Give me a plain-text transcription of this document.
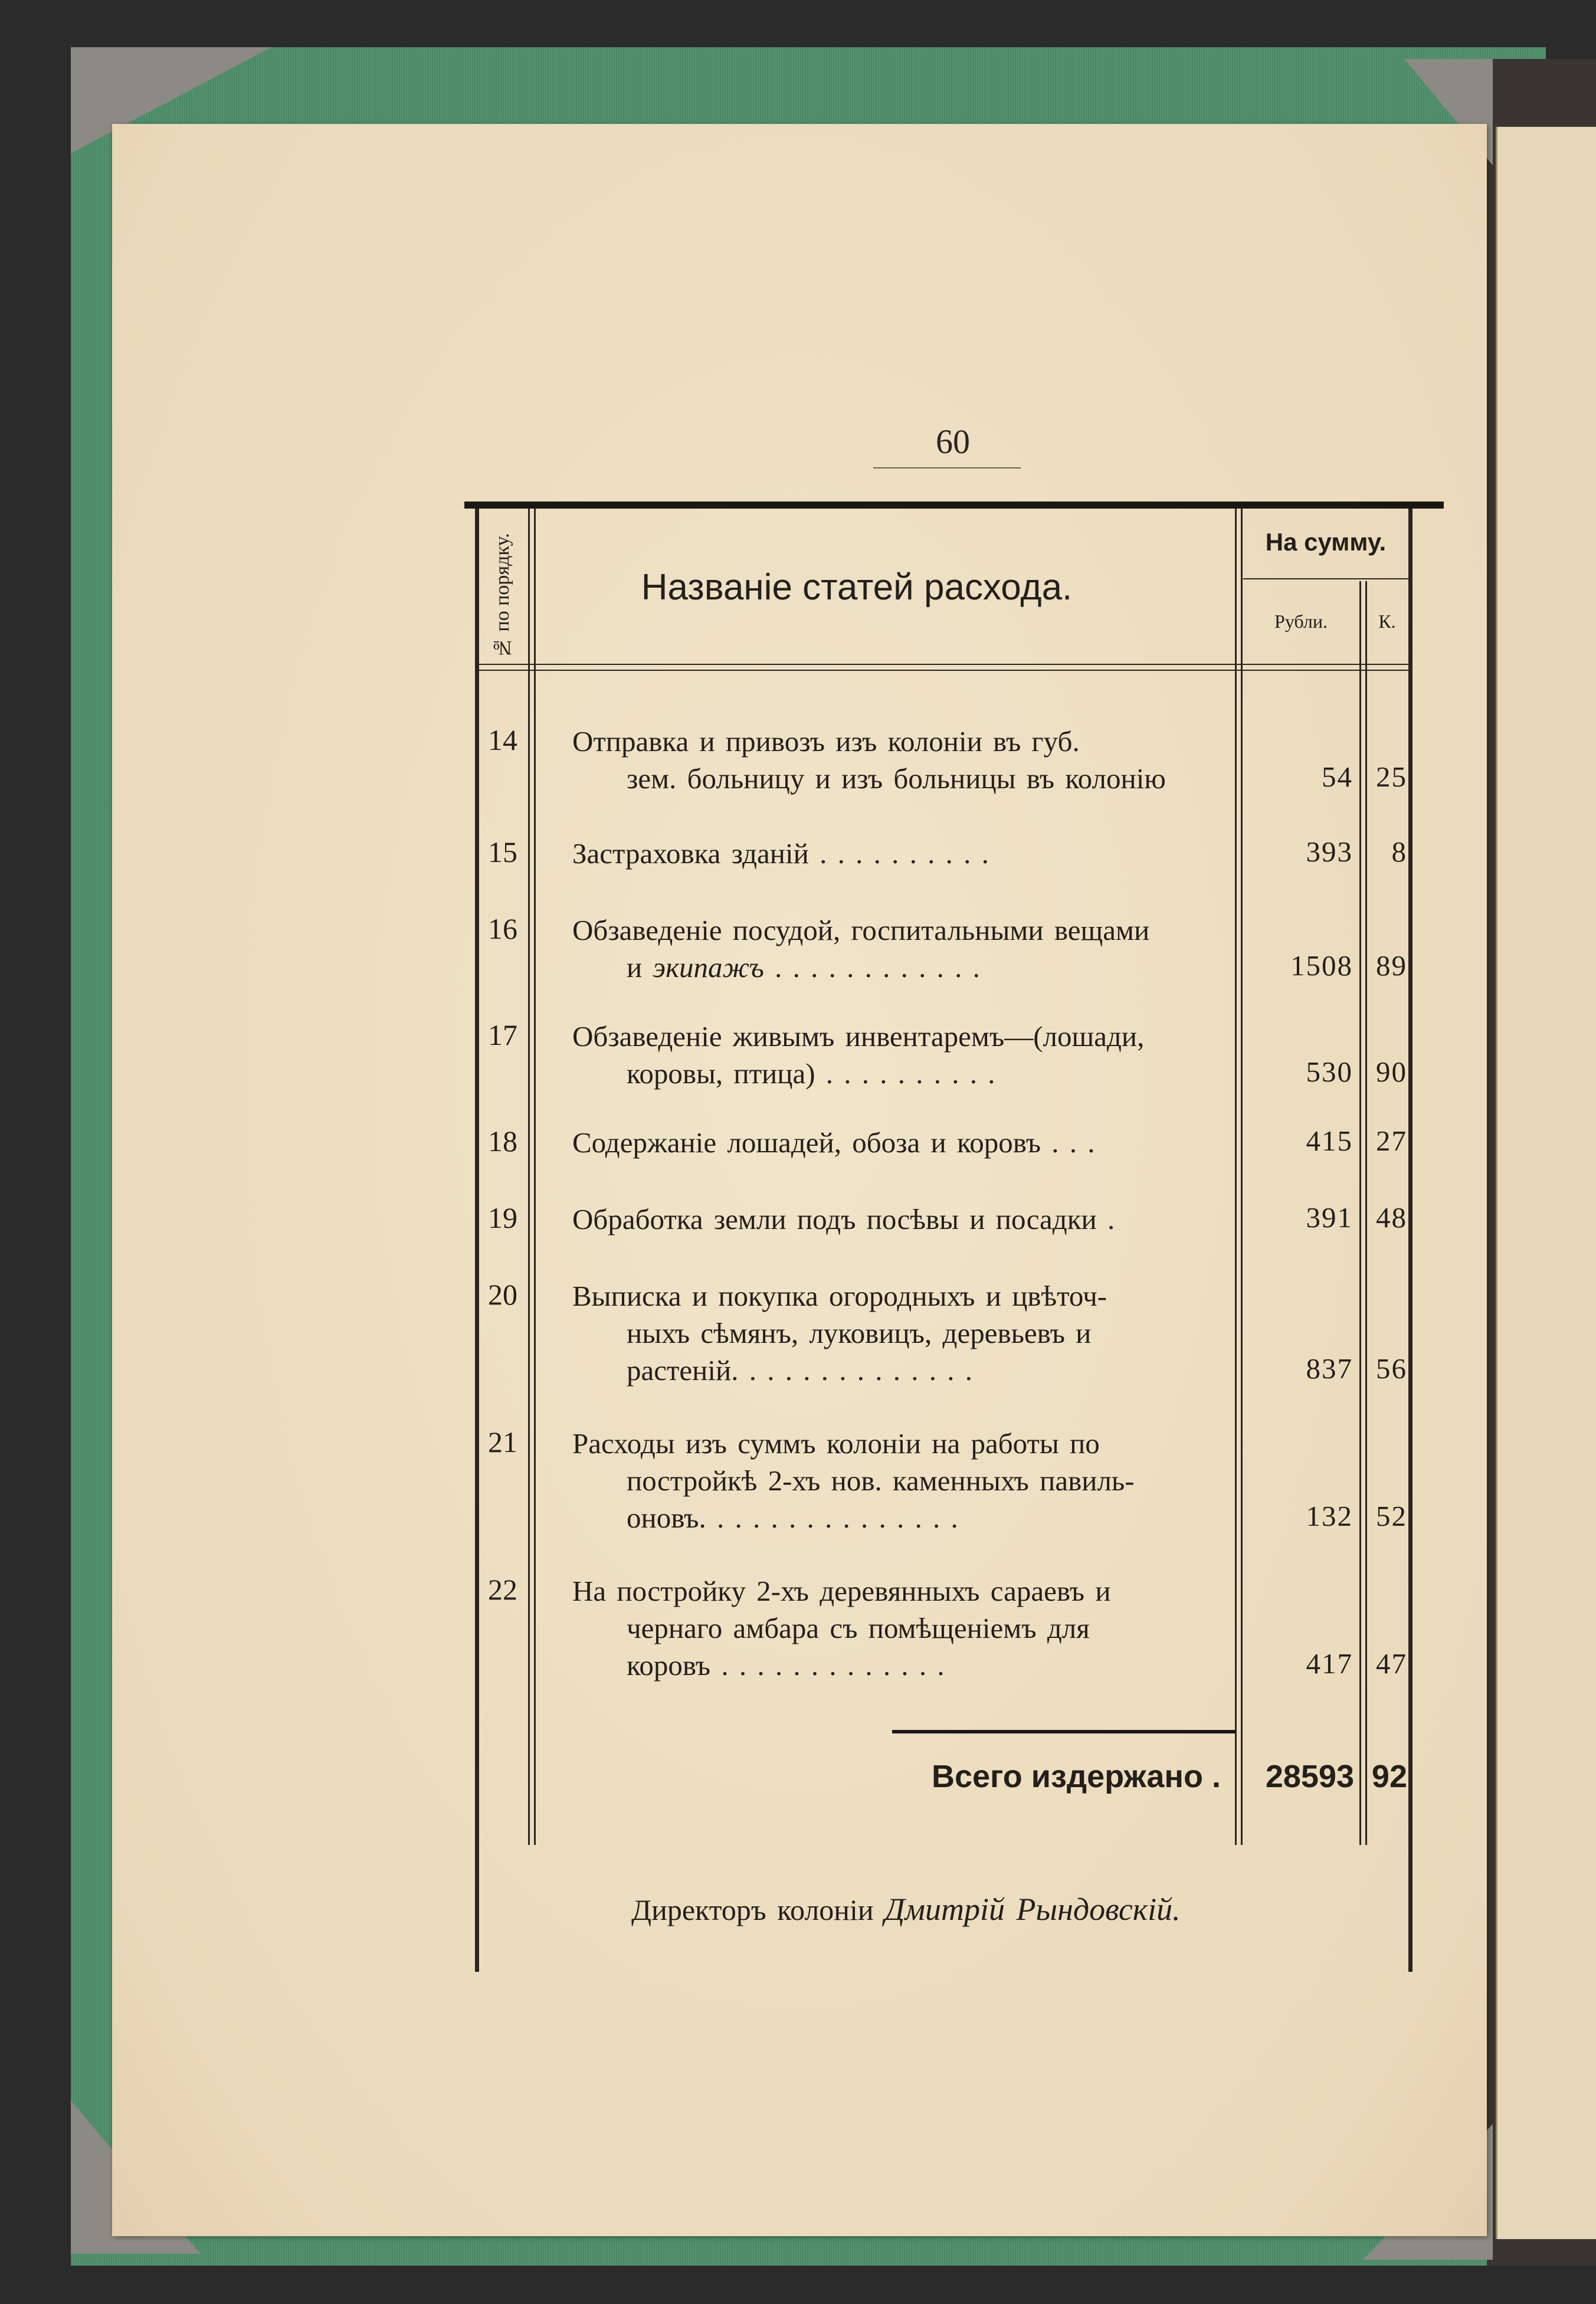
60
№ по порядку.	Названіе статей расхода.
На сумму.
Рубли.	К.
14 Отправка и привозъ изъ колоніи въ губ.
зем. больницу и изъ больницы въ колонію	54 25
15 Застраховка зданій . . . . . . . . . .	393	8
16 Обзаведеніе посудой, госпитальными вещами
и экипажъ . . . . . . . . . . . .	1508 89
17 Обзаведеніе живымъ инвентаремъ—(лошади,
коровы, птица) . . . . . . . . . .	530 90
18 Содержаніе лошадей, обоза и коровъ . . .	415 27
19 Обработка земли подъ посѣвы и посадки .	391 48
20 Выписка и покупка огородныхъ и цвѣточ-
ныхъ сѣмянъ, луковицъ, деревьевъ и
растеній. . . . . . . . . . . . . .	837 56
21 Расходы изъ суммъ колоніи на работы по
постройкѣ 2-хъ нов. каменныхъ павиль-
оновъ. . . . . . . . . . . . . . .	132 52
22 На постройку 2-хъ деревянныхъ сараевъ и
чернаго амбара съ помѣщеніемъ для
коровъ . . . . . . . . . . . . .	417 47
Всего издержано .	28593 92
Директоръ колоніи Дмитрій Рындовскій.
